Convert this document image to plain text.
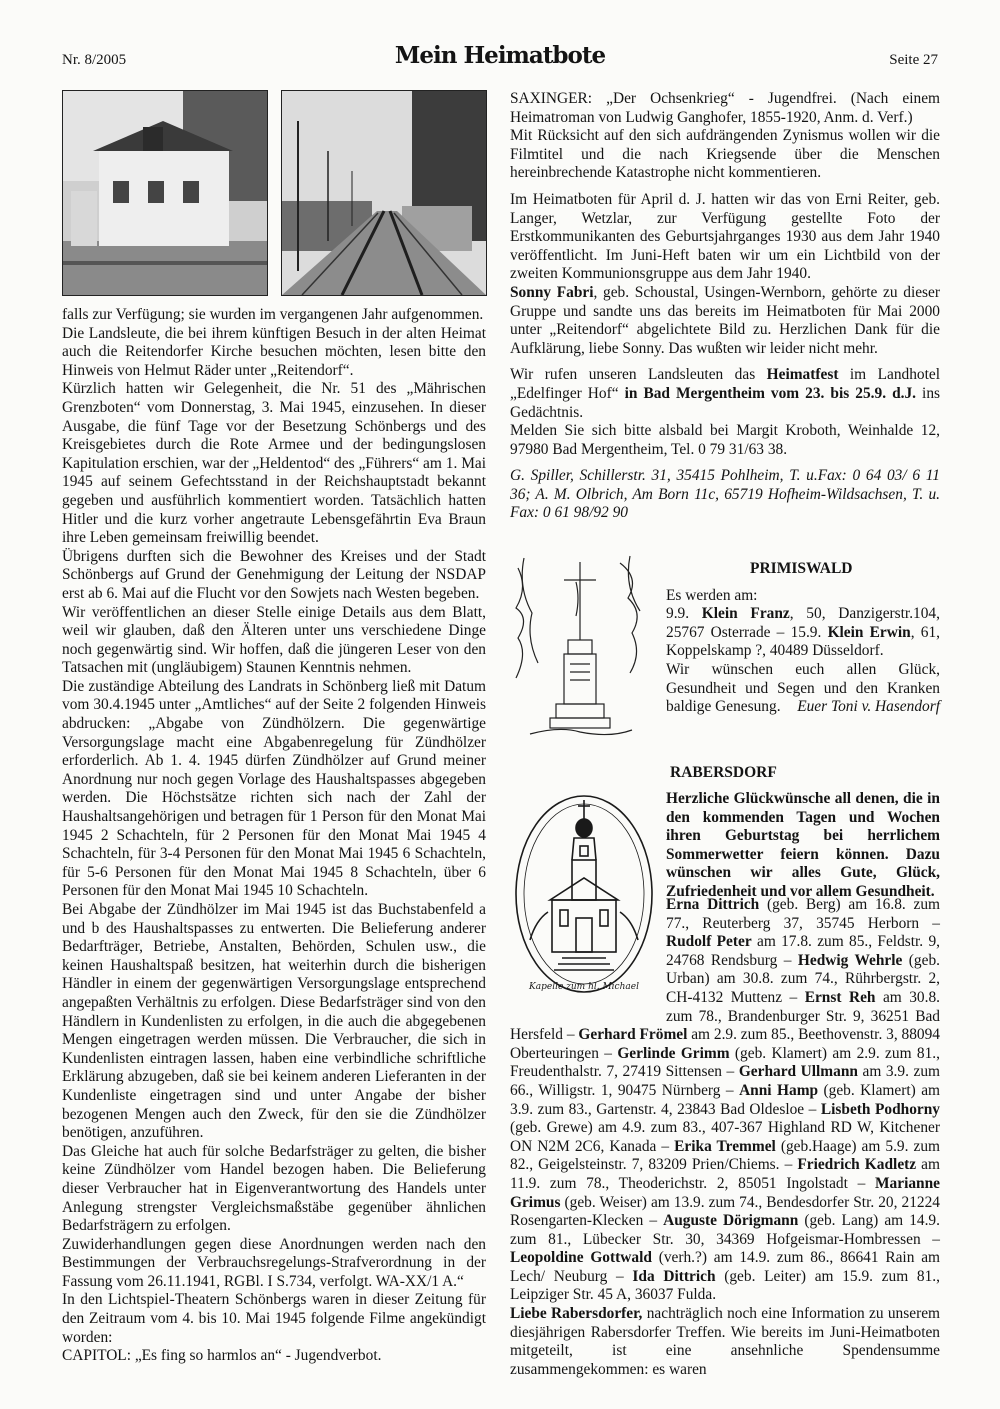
Nr. 8/2005	Mein Heimatbote	Seite 27

falls zur Verfügung; sie wurden im vergangenen Jahr aufgenommen.

Die Landsleute, die bei ihrem künftigen Besuch in der alten Heimat auch die Reitendorfer Kirche besuchen möchten, lesen bitte den Hinweis von Helmut Räder unter „Reitendorf“.

Kürzlich hatten wir Gelegenheit, die Nr. 51 des „Mährischen Grenzboten“ vom Donnerstag, 3. Mai 1945, einzusehen. In dieser Ausgabe, die fünf Tage vor der Besetzung Schönbergs und des Kreisgebietes durch die Rote Armee und der bedingungslosen Kapitulation erschien, war der „Heldentod“ des „Führers“ am 1. Mai 1945 auf seinem Gefechtsstand in der Reichshauptstadt bekannt gegeben und ausführlich kommentiert worden. Tatsächlich hatten Hitler und die kurz vorher angetraute Lebensgefährtin Eva Braun ihre Leben gemeinsam freiwillig beendet.

Übrigens durften sich die Bewohner des Kreises und der Stadt Schönbergs auf Grund der Genehmigung der Leitung der NSDAP erst ab 6. Mai auf die Flucht vor den Sowjets nach Westen begeben.

Wir veröffentlichen an dieser Stelle einige Details aus dem Blatt, weil wir glauben, daß den Älteren unter uns verschiedene Dinge noch gegenwärtig sind. Wir hoffen, daß die jüngeren Leser von den Tatsachen mit (ungläubigem) Staunen Kenntnis nehmen.

Die zuständige Abteilung des Landrats in Schönberg ließ mit Datum vom 30.4.1945 unter „Amtliches“ auf der Seite 2 folgenden Hinweis abdrucken: „Abgabe von Zündhölzern. Die gegenwärtige Versorgungslage macht eine Abgabenregelung für Zündhölzer erforderlich. Ab 1. 4. 1945 dürfen Zündhölzer auf Grund meiner Anordnung nur noch gegen Vorlage des Haushaltspasses abgegeben werden. Die Höchstsätze richten sich nach der Zahl der Haushaltsangehörigen und betragen für 1 Person für den Monat Mai 1945 2 Schachteln, für 2 Personen für den Monat Mai 1945 4 Schachteln, für 3-4 Personen für den Monat Mai 1945 6 Schachteln, für 5-6 Personen für den Monat Mai 1945 8 Schachteln, über 6 Personen für den Monat Mai 1945 10 Schachteln.

Bei Abgabe der Zündhölzer im Mai 1945 ist das Buchstabenfeld a und b des Haushaltspasses zu entwerten. Die Belieferung anderer Bedarfträger, Betriebe, Anstalten, Behörden, Schulen usw., die keinen Haushaltspaß besitzen, hat weiterhin durch die bisherigen Händler in einem der gegenwärtigen Versorgungslage entsprechend angepaßten Verhältnis zu erfolgen. Diese Bedarfsträger sind von den Händlern in Kundenlisten zu erfolgen, in die auch die abgegebenen Mengen eingetragen werden müssen. Die Verbraucher, die sich in Kundenlisten eintragen lassen, haben eine verbindliche schriftliche Erklärung abzugeben, daß sie bei keinem anderen Lieferanten in der Kundenliste eingetragen sind und unter Angabe der bisher bezogenen Mengen auch den Zweck, für den sie die Zündhölzer benötigen, anzuführen.

Das Gleiche hat auch für solche Bedarfsträger zu gelten, die bisher keine Zündhölzer vom Handel bezogen haben. Die Belieferung dieser Verbraucher hat in Eigenverantwortung des Handels unter Anlegung strengster Vergleichsmaßstäbe gegenüber ähnlichen Bedarfsträgern zu erfolgen.

Zuwiderhandlungen gegen diese Anordnungen werden nach den Bestimmungen der Verbrauchsregelungs-Strafverordnung in der Fassung vom 26.11.1941, RGBl. I S.734, verfolgt. WA-XX/1 A.“

In den Lichtspiel-Theatern Schönbergs waren in dieser Zeitung für den Zeitraum vom 4. bis 10. Mai 1945 folgende Filme angekündigt worden:

CAPITOL: „Es fing so harmlos an“ - Jugendverbot.

SAXINGER: „Der Ochsenkrieg“ - Jugendfrei. (Nach einem Heimatroman von Ludwig Ganghofer, 1855-1920, Anm. d. Verf.)

Mit Rücksicht auf den sich aufdrängenden Zynismus wollen wir die Filmtitel und die nach Kriegsende über die Menschen hereinbrechende Katastrophe nicht kommentieren.

Im Heimatboten für April d. J. hatten wir das von Erni Reiter, geb. Langer, Wetzlar, zur Verfügung gestellte Foto der Erstkommunikanten des Geburtsjahrganges 1930 aus dem Jahr 1940 veröffentlicht. Im Juni-Heft baten wir um ein Lichtbild von der zweiten Kommunionsgruppe aus dem Jahr 1940.

Sonny Fabri, geb. Schoustal, Usingen-Wernborn, gehörte zu dieser Gruppe und sandte uns das bereits im Heimatboten für Mai 2000 unter „Reitendorf“ abgelichtete Bild zu. Herzlichen Dank für die Aufklärung, liebe Sonny. Das wußten wir leider nicht mehr.

Wir rufen unseren Landsleuten das Heimatfest im Landhotel „Edelfinger Hof“ in Bad Mergentheim vom 23. bis 25.9. d.J. ins Gedächtnis.

Melden Sie sich bitte alsbald bei Margit Kroboth, Weinhalde 12, 97980 Bad Mergentheim, Tel. 0 79 31/63 38.

G. Spiller, Schillerstr. 31, 35415 Pohlheim, T. u.Fax: 0 64 03/ 6 11 36; A. M. Olbrich, Am Born 11c, 65719 Hofheim-Wildsachsen, T. u. Fax: 0 61 98/92 90

PRIMISWALD

Es werden am:

9.9. Klein Franz, 50, Danzigerstr.104, 25767 Osterrade – 15.9. Klein Erwin, 61, Koppelskamp ?, 40489 Düsseldorf.

Wir wünschen euch allen Glück, Gesundheit und Segen und den Kranken baldige Genesung. Euer Toni v. Hasendorf

RABERSDORF

Herzliche Glückwünsche all denen, die in den kommenden Tagen und Wochen ihren Geburtstag bei herrlichem Sommerwetter feiern können. Dazu wünschen wir alles Gute, Glück, Zufriedenheit und vor allem Gesundheit.
Kapelle zum hl. Michael

Erna Dittrich (geb. Berg) am 16.8. zum 77., Reuterberg 37, 35745 Herborn – Rudolf Peter am 17.8. zum 85., Feldstr. 9, 24768 Rendsburg – Hedwig Wehrle (geb. Urban) am 30.8. zum 74., Rührbergstr. 2, CH-4132 Muttenz – Ernst Reh am 30.8. zum 78., Brandenburger Str. 9, 36251 Bad Hersfeld – Gerhard Frömel am 2.9. zum 85., Beethovenstr. 3, 88094 Oberteuringen – Gerlinde Grimm (geb. Klamert) am 2.9. zum 81., Freudenthalstr. 7, 27419 Sittensen – Gerhard Ullmann am 3.9. zum 66., Willigstr. 1, 90475 Nürnberg – Anni Hamp (geb. Klamert) am 3.9. zum 83., Gartenstr. 4, 23843 Bad Oldesloe – Lisbeth Podhorny (geb. Grewe) am 4.9. zum 83., 407-367 Highland RD W, Kitchener ON N2M 2C6, Kanada – Erika Tremmel (geb.Haage) am 5.9. zum 82., Geigelsteinstr. 7, 83209 Prien/Chiems. – Friedrich Kadletz am 11.9. zum 78., Theoderichstr. 2, 85051 Ingolstadt – Marianne Grimus (geb. Weiser) am 13.9. zum 74., Bendesdorfer Str. 20, 21224 Rosengarten-Klecken – Auguste Dörigmann (geb. Lang) am 14.9. zum 81., Lübecker Str. 30, 34369 Hofgeismar-Hombressen – Leopoldine Gottwald (verh.?) am 14.9. zum 86., 86641 Rain am Lech/ Neuburg – Ida Dittrich (geb. Leiter) am 15.9. zum 81., Leipziger Str. 45 A, 36037 Fulda.

Liebe Rabersdorfer, nachträglich noch eine Information zu unserem diesjährigen Rabersdorfer Treffen. Wie bereits im Juni-Heimatboten mitgeteilt, ist eine ansehnliche Spendensumme zusammengekommen: es waren
